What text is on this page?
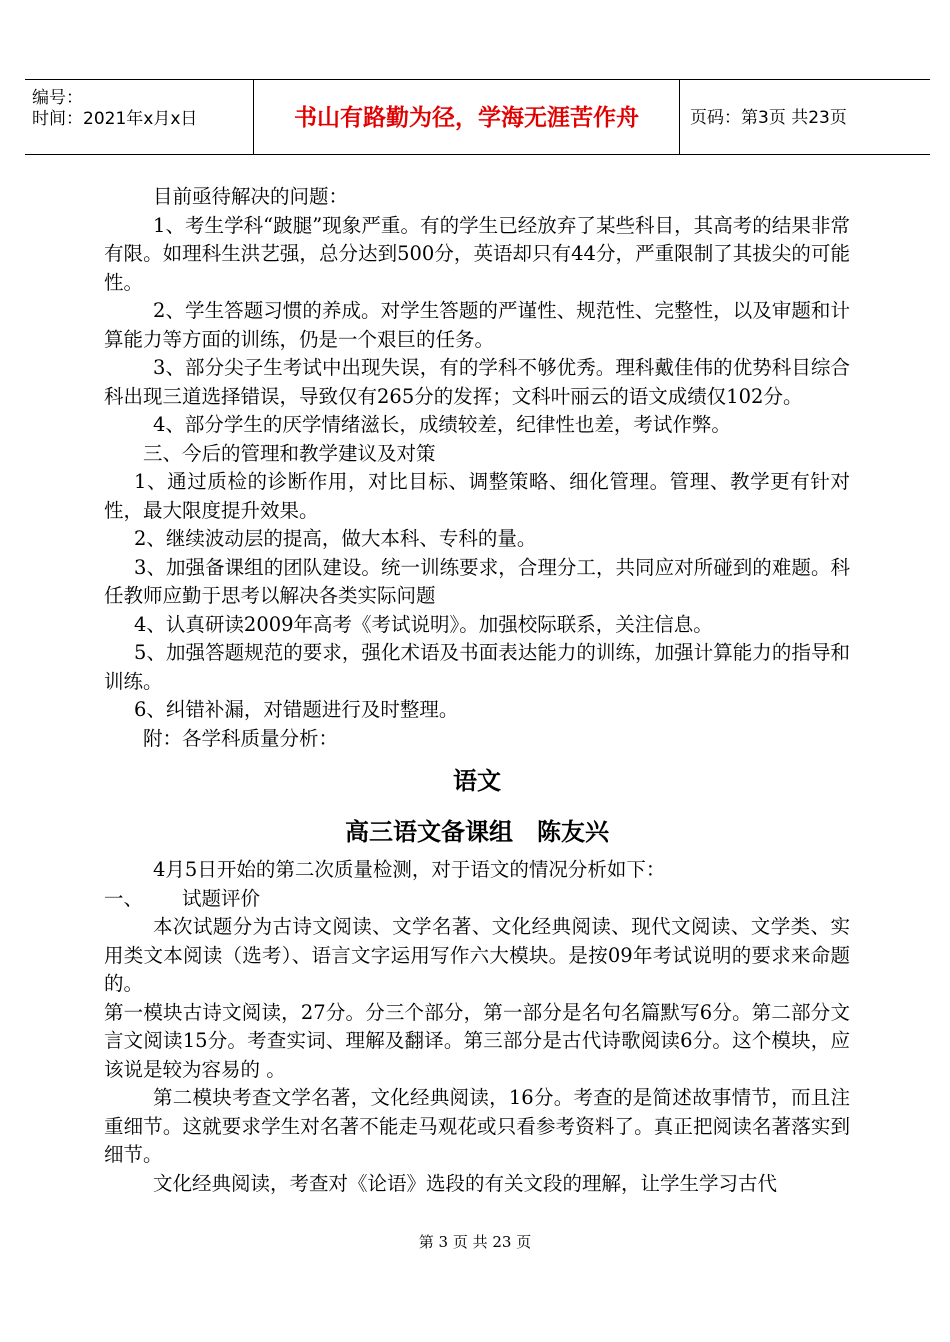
编号：
时间：2021年x月x日	书山有路勤为径，学海无涯苦作舟	页码：第3页 共23页

目前亟待解决的问题：

1、考生学科“跛腿”现象严重。有的学生已经放弃了某些科目，其高考的结果非常有限。如理科生洪艺强，总分达到500分，英语却只有44分，严重限制了其拔尖的可能性。

2、学生答题习惯的养成。对学生答题的严谨性、规范性、完整性，以及审题和计算能力等方面的训练，仍是一个艰巨的任务。

3、部分尖子生考试中出现失误，有的学科不够优秀。理科戴佳伟的优势科目综合科出现三道选择错误，导致仅有265分的发挥；文科叶丽云的语文成绩仅102分。

4、部分学生的厌学情绪滋长，成绩较差，纪律性也差，考试作弊。

三、今后的管理和教学建议及对策

1、通过质检的诊断作用，对比目标、调整策略、细化管理。管理、教学更有针对性，最大限度提升效果。

2、继续波动层的提高，做大本科、专科的量。

3、加强备课组的团队建设。统一训练要求，合理分工，共同应对所碰到的难题。科任教师应勤于思考以解决各类实际问题

4、认真研读2009年高考《考试说明》。加强校际联系，关注信息。

5、加强答题规范的要求，强化术语及书面表达能力的训练，加强计算能力的指导和训练。

6、纠错补漏，对错题进行及时整理。

附：各学科质量分析：

语文

高三语文备课组　陈友兴

4月5日开始的第二次质量检测，对于语文的情况分析如下：

一、 试题评价

本次试题分为古诗文阅读、文学名著、文化经典阅读、现代文阅读、文学类、实用类文本阅读（选考）、语言文字运用写作六大模块。是按09年考试说明的要求来命题的。

第一模块古诗文阅读，27分。分三个部分，第一部分是名句名篇默写6分。第二部分文言文阅读15分。考查实词、理解及翻译。第三部分是古代诗歌阅读6分。这个模块，应该说是较为容易的 。

第二模块考查文学名著，文化经典阅读，16分。考查的是简述故事情节，而且注重细节。这就要求学生对名著不能走马观花或只看参考资料了。真正把阅读名著落实到细节。

文化经典阅读，考查对《论语》选段的有关文段的理解，让学生学习古代

第 3 页 共 23 页
